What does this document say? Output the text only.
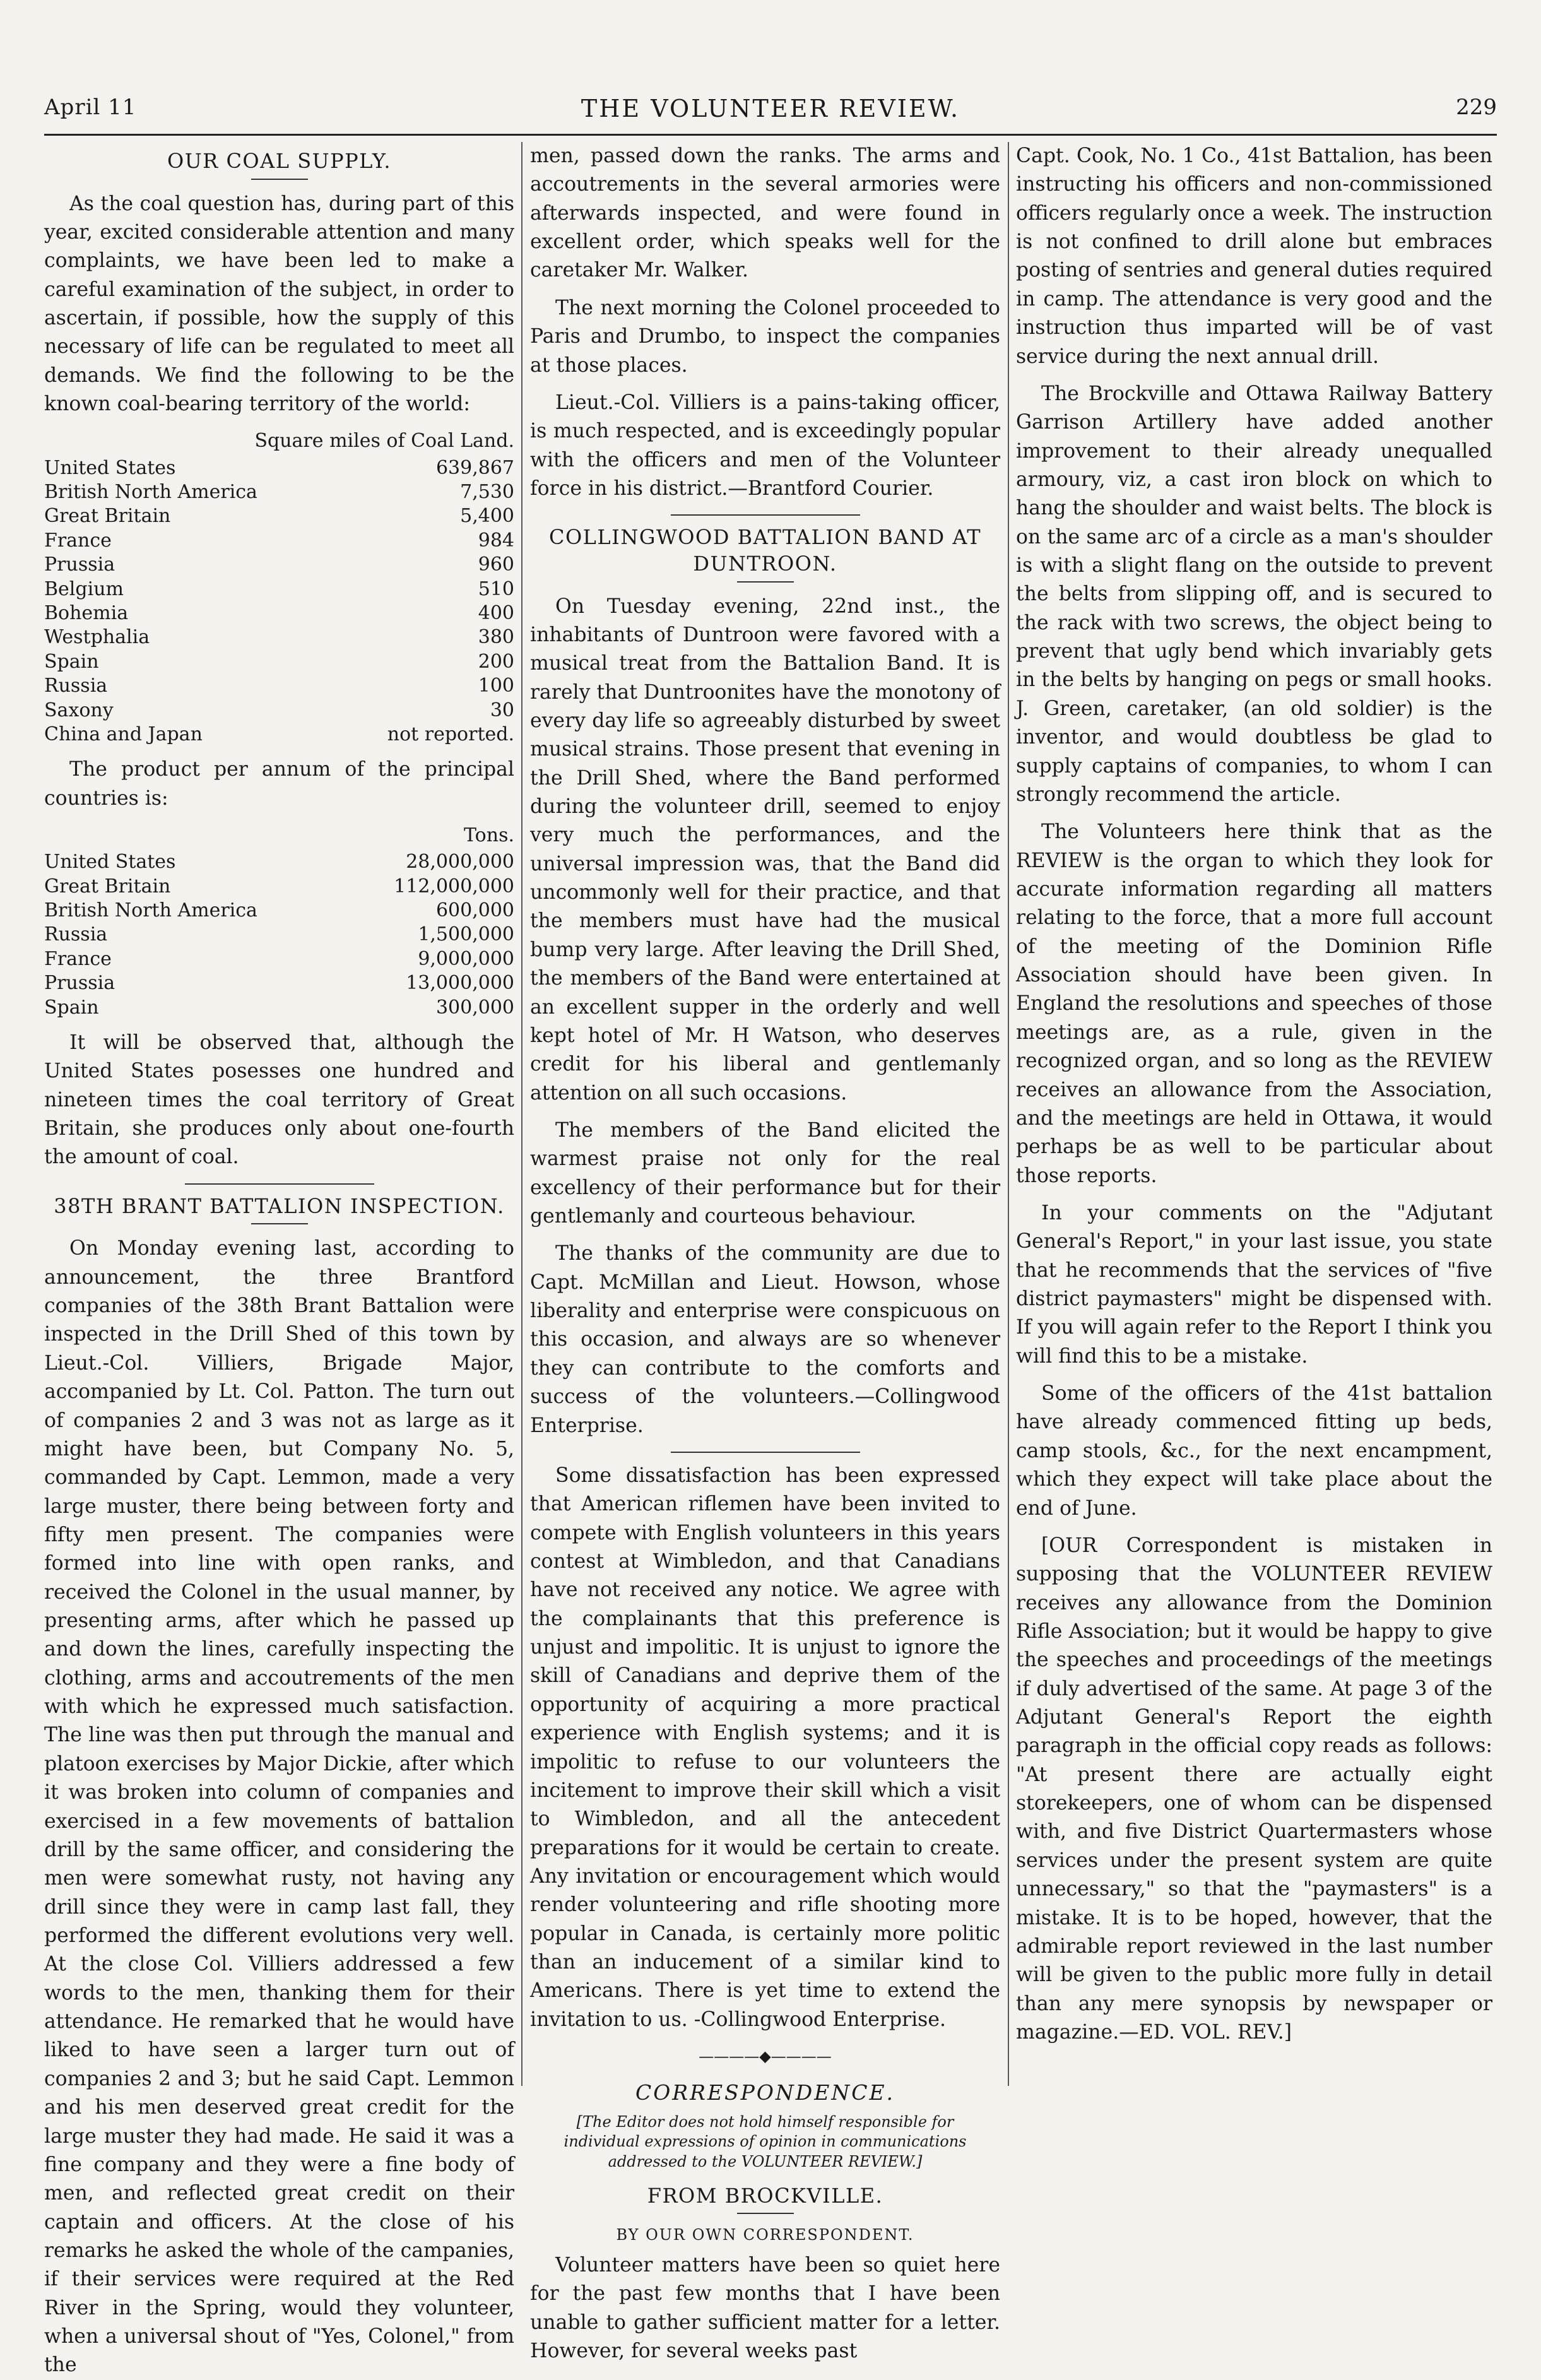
April 11	THE VOLUNTEER REVIEW.	229
OUR COAL SUPPLY.

As the coal question has, during part of this year, excited considerable attention and many complaints, we have been led to make a careful examination of the subject, in order to ascertain, if possible, how the supply of this necessary of life can be regulated to meet all demands. We find the following to be the known coal-bearing territory of the world:

Square miles of Coal Land.
United States	639,867
British North America	7,530
Great Britain	5,400
France	984
Prussia	960
Belgium	510
Bohemia	400
Westphalia	380
Spain	200
Russia	100
Saxony	30
China and Japan	not reported.

The product per annum of the principal countries is:

Tons.
United States	28,000,000
Great Britain	112,000,000
British North America	600,000
Russia	1,500,000
France	9,000,000
Prussia	13,000,000
Spain	300,000

It will be observed that, although the United States posesses one hundred and nineteen times the coal territory of Great Britain, she produces only about one-fourth the amount of coal.

38TH BRANT BATTALION INSPECTION.

On Monday evening last, according to announcement, the three Brantford companies of the 38th Brant Battalion were inspected in the Drill Shed of this town by Lieut.-Col. Villiers, Brigade Major, accompanied by Lt. Col. Patton. The turn out of companies 2 and 3 was not as large as it might have been, but Company No. 5, commanded by Capt. Lemmon, made a very large muster, there being between forty and fifty men present. The companies were formed into line with open ranks, and received the Colonel in the usual manner, by presenting arms, after which he passed up and down the lines, carefully inspecting the clothing, arms and accoutrements of the men with which he expressed much satisfaction. The line was then put through the manual and platoon exercises by Major Dickie, after which it was broken into column of companies and exercised in a few movements of battalion drill by the same officer, and considering the men were somewhat rusty, not having any drill since they were in camp last fall, they performed the different evolutions very well. At the close Col. Villiers addressed a few words to the men, thanking them for their attendance. He remarked that he would have liked to have seen a larger turn out of companies 2 and 3; but he said Capt. Lemmon and his men deserved great credit for the large muster they had made. He said it was a fine company and they were a fine body of men, and reflected great credit on their captain and officers. At the close of his remarks he asked the whole of the campanies, if their services were required at the Red River in the Spring, would they volunteer, when a universal shout of "Yes, Colonel," from the

men, passed down the ranks. The arms and accoutrements in the several armories were afterwards inspected, and were found in excellent order, which speaks well for the caretaker Mr. Walker.

The next morning the Colonel proceeded to Paris and Drumbo, to inspect the companies at those places.

Lieut.-Col. Villiers is a pains-taking officer, is much respected, and is exceedingly popular with the officers and men of the Volunteer force in his district.—Brantford Courier.

COLLINGWOOD BATTALION BAND AT DUNTROON.

On Tuesday evening, 22nd inst., the inhabitants of Duntroon were favored with a musical treat from the Battalion Band. It is rarely that Duntroonites have the monotony of every day life so agreeably disturbed by sweet musical strains. Those present that evening in the Drill Shed, where the Band performed during the volunteer drill, seemed to enjoy very much the performances, and the universal impression was, that the Band did uncommonly well for their practice, and that the members must have had the musical bump very large. After leaving the Drill Shed, the members of the Band were entertained at an excellent supper in the orderly and well kept hotel of Mr. H Watson, who deserves credit for his liberal and gentlemanly attention on all such occasions.

The members of the Band elicited the warmest praise not only for the real excellency of their performance but for their gentlemanly and courteous behaviour.

The thanks of the community are due to Capt. McMillan and Lieut. Howson, whose liberality and enterprise were conspicuous on this occasion, and always are so whenever they can contribute to the comforts and success of the volunteers.—Collingwood Enterprise.

Some dissatisfaction has been expressed that American riflemen have been invited to compete with English volunteers in this years contest at Wimbledon, and that Canadians have not received any notice. We agree with the complainants that this preference is unjust and impolitic. It is unjust to ignore the skill of Canadians and deprive them of the opportunity of acquiring a more practical experience with English systems; and it is impolitic to refuse to our volunteers the incitement to improve their skill which a visit to Wimbledon, and all the antecedent preparations for it would be certain to create. Any invitation or encouragement which would render volunteering and rifle shooting more popular in Canada, is certainly more politic than an inducement of a similar kind to Americans. There is yet time to extend the invitation to us. -Collingwood Enterprise.

————◆————
CORRESPONDENCE.
[The Editor does not hold himself responsible for individual expressions of opinion in communications addressed to the VOLUNTEER REVIEW.]
FROM BROCKVILLE.
BY OUR OWN CORRESPONDENT.

Volunteer matters have been so quiet here for the past few months that I have been unable to gather sufficient matter for a letter. However, for several weeks past

Capt. Cook, No. 1 Co., 41st Battalion, has been instructing his officers and non-commissioned officers regularly once a week. The instruction is not confined to drill alone but embraces posting of sentries and general duties required in camp. The attendance is very good and the instruction thus imparted will be of vast service during the next annual drill.

The Brockville and Ottawa Railway Battery Garrison Artillery have added another improvement to their already unequalled armoury, viz, a cast iron block on which to hang the shoulder and waist belts. The block is on the same arc of a circle as a man's shoulder is with a slight flang on the outside to prevent the belts from slipping off, and is secured to the rack with two screws, the object being to prevent that ugly bend which invariably gets in the belts by hanging on pegs or small hooks. J. Green, caretaker, (an old soldier) is the inventor, and would doubtless be glad to supply captains of companies, to whom I can strongly recommend the article.

The Volunteers here think that as the REVIEW is the organ to which they look for accurate information regarding all matters relating to the force, that a more full account of the meeting of the Dominion Rifle Association should have been given. In England the resolutions and speeches of those meetings are, as a rule, given in the recognized organ, and so long as the REVIEW receives an allowance from the Association, and the meetings are held in Ottawa, it would perhaps be as well to be particular about those reports.

In your comments on the "Adjutant General's Report," in your last issue, you state that he recommends that the services of "five district paymasters" might be dispensed with. If you will again refer to the Report I think you will find this to be a mistake.

Some of the officers of the 41st battalion have already commenced fitting up beds, camp stools, &c., for the next encampment, which they expect will take place about the end of June.

[OUR Correspondent is mistaken in supposing that the VOLUNTEER REVIEW receives any allowance from the Dominion Rifle Association; but it would be happy to give the speeches and proceedings of the meetings if duly advertised of the same. At page 3 of the Adjutant General's Report the eighth paragraph in the official copy reads as follows: "At present there are actually eight storekeepers, one of whom can be dispensed with, and five District Quartermasters whose services under the present system are quite unnecessary," so that the "paymasters" is a mistake. It is to be hoped, however, that the admirable report reviewed in the last number will be given to the public more fully in detail than any mere synopsis by newspaper or magazine.—ED. VOL. REV.]
